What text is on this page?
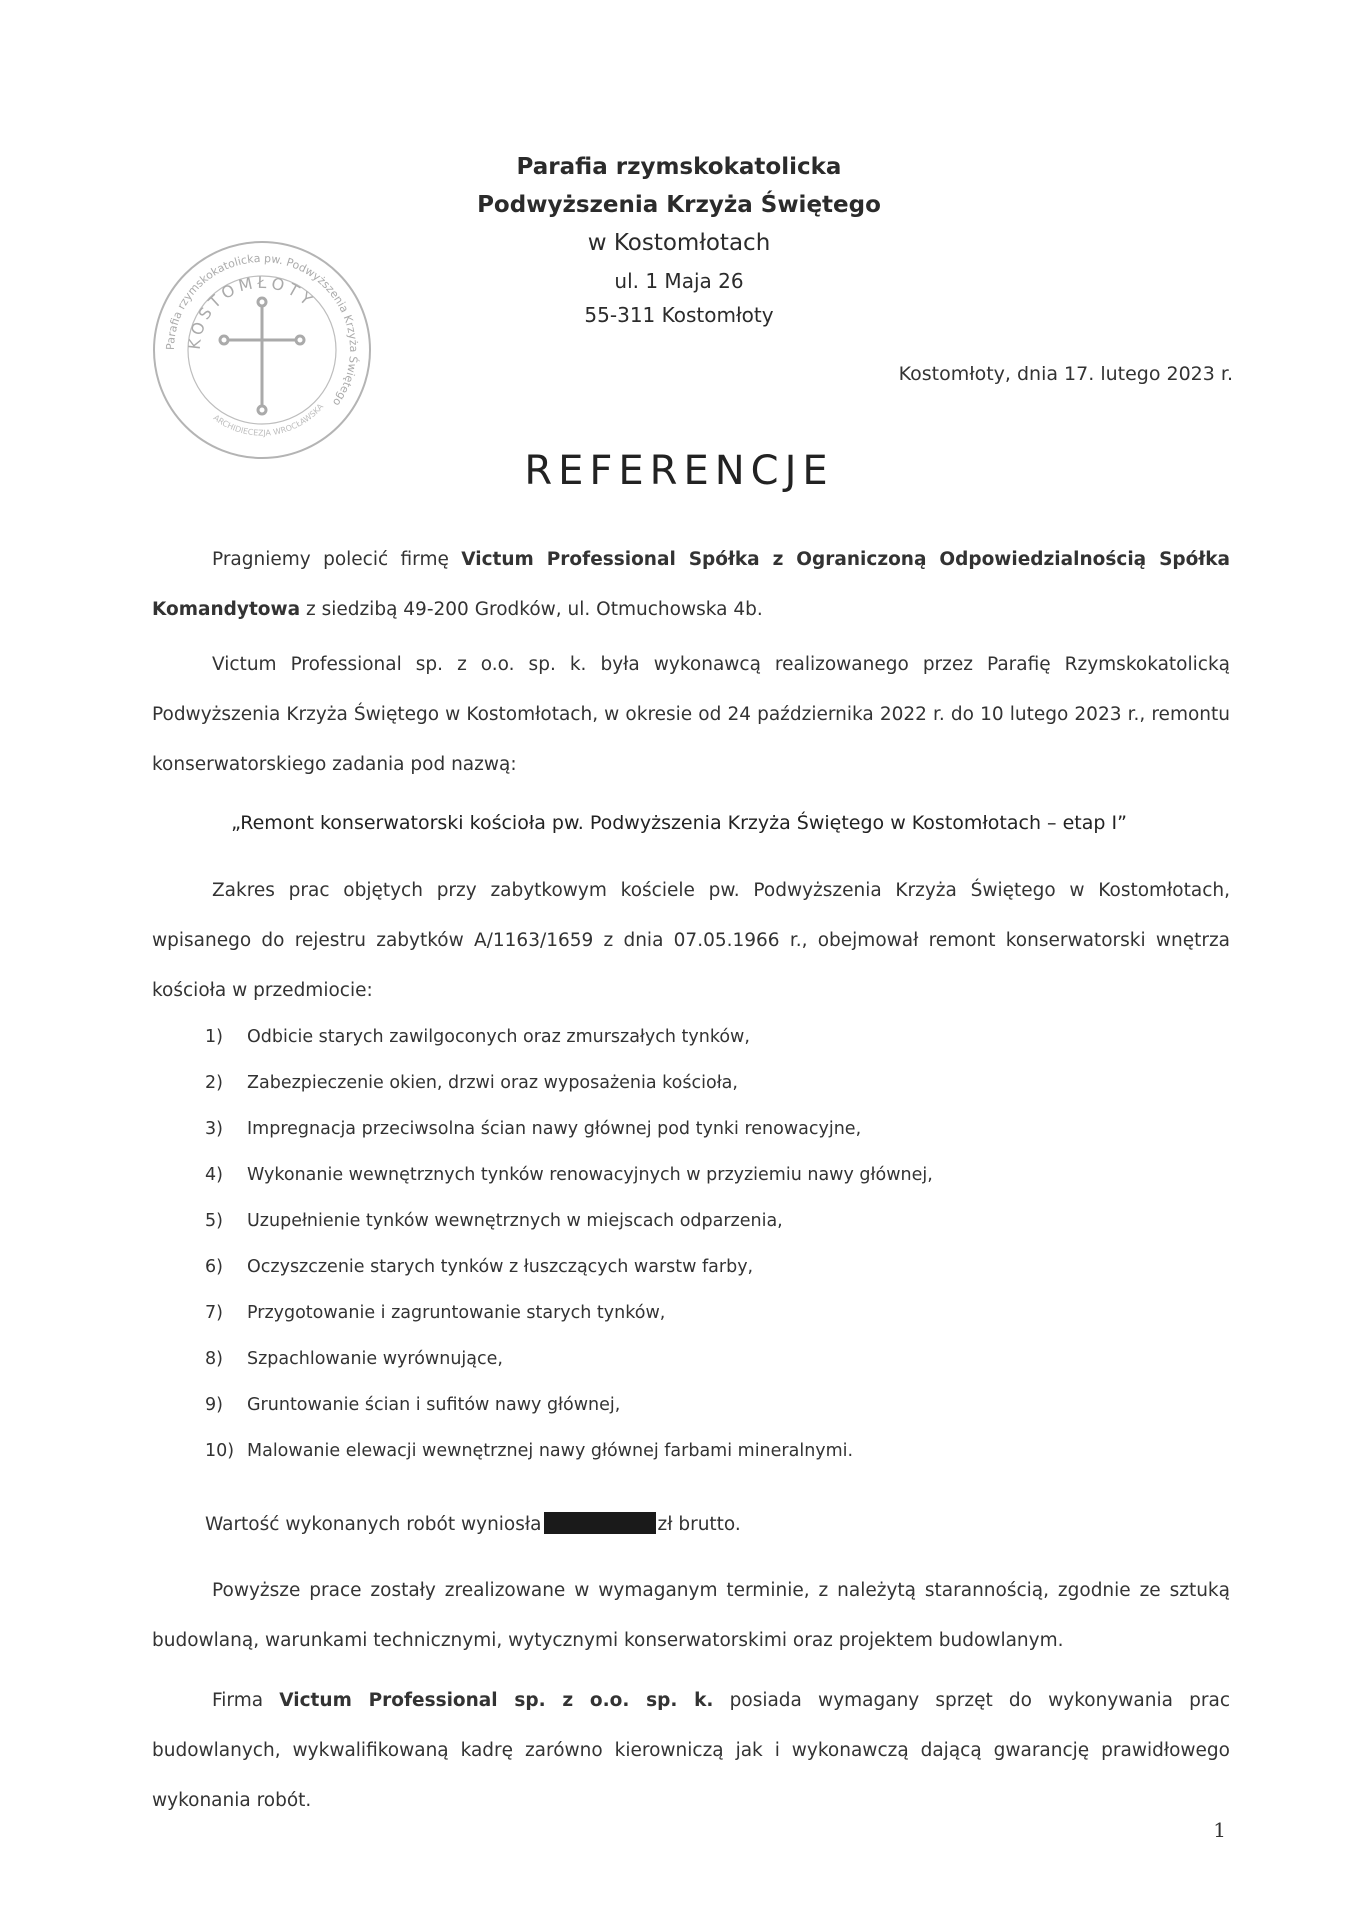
Parafia rzymskokatolicka pw. Podwyższenia Krzyża Świętego
KOSTOMŁOTY
ARCHIDIECEZJA WROCŁAWSKA
Parafia rzymskokatolicka
Podwyższenia Krzyża Świętego
w Kostomłotach
ul. 1 Maja 26
55-311 Kostomłoty
Kostomłoty, dnia 17. lutego 2023 r.
REFERENCJE
Pragniemy polecić firmę Victum Professional Spółka z Ograniczoną Odpowiedzialnością Spółka Komandytowa z siedzibą 49-200 Grodków, ul. Otmuchowska 4b.
Victum Professional sp. z o.o. sp. k. była wykonawcą realizowanego przez Parafię Rzymskokatolicką Podwyższenia Krzyża Świętego w Kostomłotach, w okresie od 24 października 2022 r. do 10 lutego 2023 r., remontu konserwatorskiego zadania pod nazwą:
„Remont konserwatorski kościoła pw. Podwyższenia Krzyża Świętego w Kostomłotach – etap I”
Zakres prac objętych przy zabytkowym kościele pw. Podwyższenia Krzyża Świętego w Kostomłotach, wpisanego do rejestru zabytków A/1163/1659 z dnia 07.05.1966 r., obejmował remont konserwatorski wnętrza kościoła w przedmiocie:
1) Odbicie starych zawilgoconych oraz zmurszałych tynków,
2) Zabezpieczenie okien, drzwi oraz wyposażenia kościoła,
3) Impregnacja przeciwsolna ścian nawy głównej pod tynki renowacyjne,
4) Wykonanie wewnętrznych tynków renowacyjnych w przyziemiu nawy głównej,
5) Uzupełnienie tynków wewnętrznych w miejscach odparzenia,
6) Oczyszczenie starych tynków z łuszczących warstw farby,
7) Przygotowanie i zagruntowanie starych tynków,
8) Szpachlowanie wyrównujące,
9) Gruntowanie ścian i sufitów nawy głównej,
10) Malowanie elewacji wewnętrznej nawy głównej farbami mineralnymi.
Wartość wykonanych robót wyniosła	zł brutto.
Powyższe prace zostały zrealizowane w wymaganym terminie, z należytą starannością, zgodnie ze sztuką budowlaną, warunkami technicznymi, wytycznymi konserwatorskimi oraz projektem budowlanym.
Firma Victum Professional sp. z o.o. sp. k. posiada wymagany sprzęt do wykonywania prac budowlanych, wykwalifikowaną kadrę zarówno kierowniczą jak i wykonawczą dającą gwarancję prawidłowego wykonania robót.
1
